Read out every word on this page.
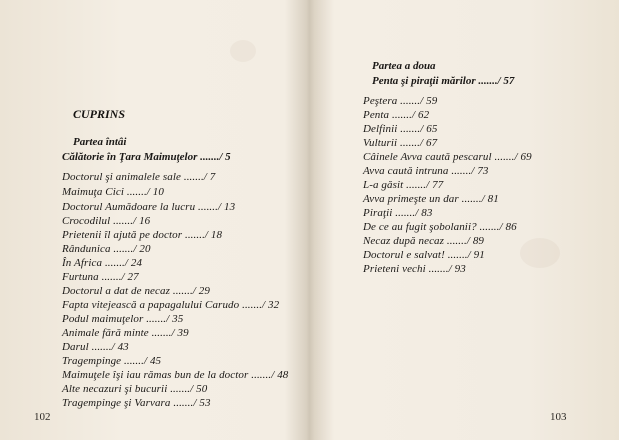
CUPRINS
Partea întâi
Călătorie în Ţara Maimuţelor ......./ 5
Doctorul şi animalele sale ......./ 7
Maimuţa Cici ......./ 10
Doctorul Aumădoare la lucru ......./ 13
Crocodilul ......./ 16
Prietenii îl ajută pe doctor ......./ 18
Rândunica ......./ 20
În Africa ......./ 24
Furtuna ......./ 27
Doctorul a dat de necaz ......./ 29
Fapta vitejească a papagalului Carudo ......./ 32
Podul maimuţelor ......./ 35
Animale fără minte ......./ 39
Darul ......./ 43
Tragempinge ......./ 45
Maimuţele îşi iau rămas bun de la doctor ......./ 48
Alte necazuri şi bucurii ......./ 50
Tragempinge şi Varvara ......./ 53
102
Partea a doua
Penta şi piraţii mărilor ......./ 57
Peştera ......./ 59
Penta ......./ 62
Delfinii ......./ 65
Vulturii ......./ 67
Câinele Avva caută pescarul ......./ 69
Avva caută intruna ......./ 73
L-a găsit ......./ 77
Avva primeşte un dar ......./ 81
Piraţii ......./ 83
De ce au fugit şobolanii? ......./ 86
Necaz după necaz ......./ 89
Doctorul e salvat! ......./ 91
Prieteni vechi ......./ 93
103
